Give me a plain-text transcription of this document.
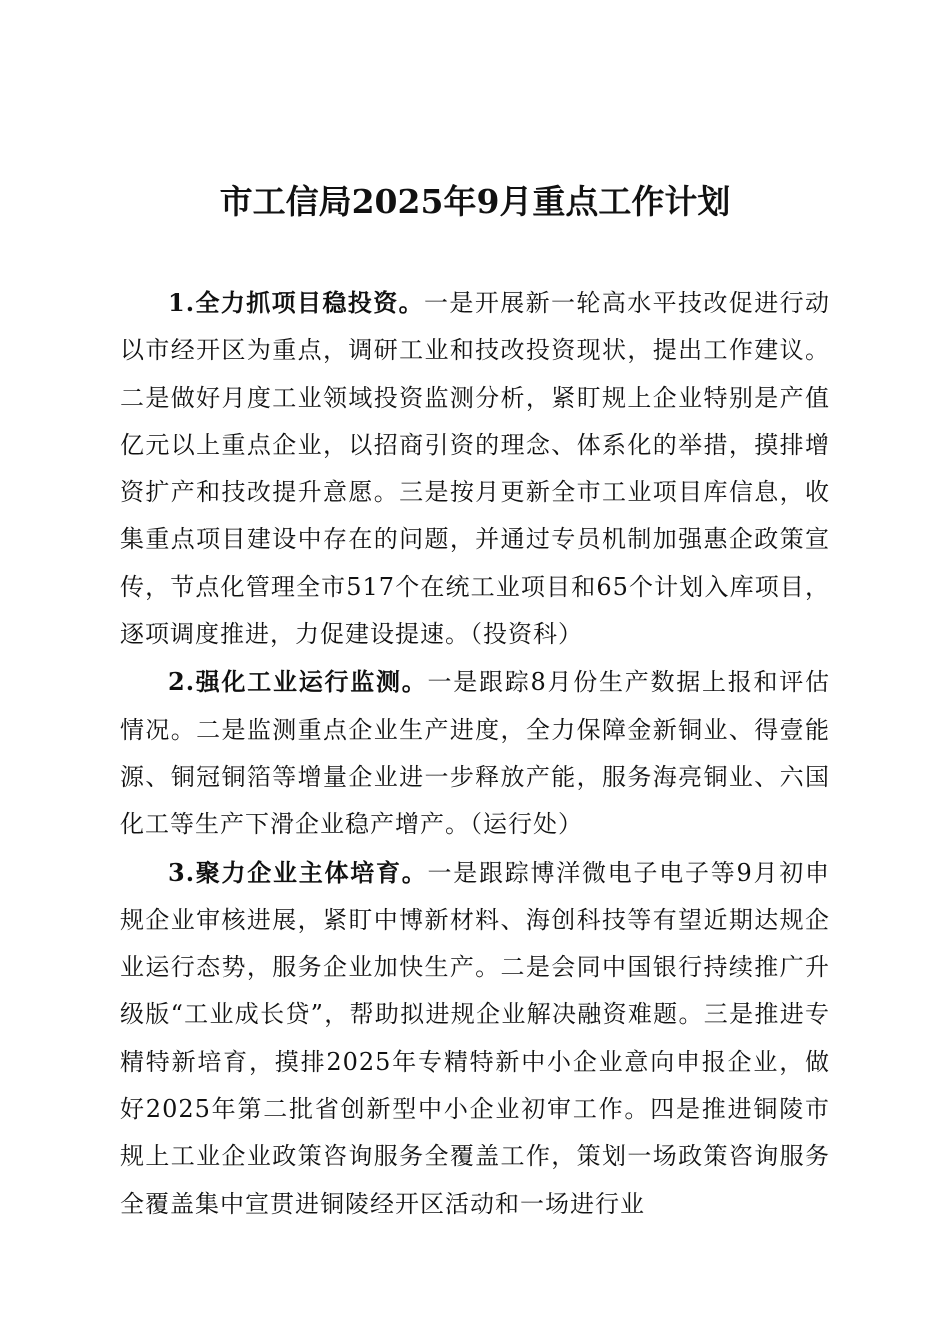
市工信局2025年9月重点工作计划

1.全力抓项目稳投资。一是开展新一轮高水平技改促进行动以市经开区为重点，调研工业和技改投资现状，提出工作建议。二是做好月度工业领域投资监测分析，紧盯规上企业特别是产值亿元以上重点企业，以招商引资的理念、体系化的举措，摸排增资扩产和技改提升意愿。三是按月更新全市工业项目库信息，收集重点项目建设中存在的问题，并通过专员机制加强惠企政策宣传，节点化管理全市517个在统工业项目和65个计划入库项目，逐项调度推进，力促建设提速。（投资科）

2.强化工业运行监测。一是跟踪8月份生产数据上报和评估情况。二是监测重点企业生产进度，全力保障金新铜业、得壹能源、铜冠铜箔等增量企业进一步释放产能，服务海亮铜业、六国化工等生产下滑企业稳产增产。（运行处）

3.聚力企业主体培育。一是跟踪博洋微电子电子等9月初申规企业审核进展，紧盯中博新材料、海创科技等有望近期达规企业运行态势，服务企业加快生产。二是会同中国银行持续推广升级版“工业成长贷”，帮助拟进规企业解决融资难题。三是推进专精特新培育，摸排2025年专精特新中小企业意向申报企业，做好2025年第二批省创新型中小企业初审工作。四是推进铜陵市规上工业企业政策咨询服务全覆盖工作，策划一场政策咨询服务全覆盖集中宣贯进铜陵经开区活动和一场进行业
